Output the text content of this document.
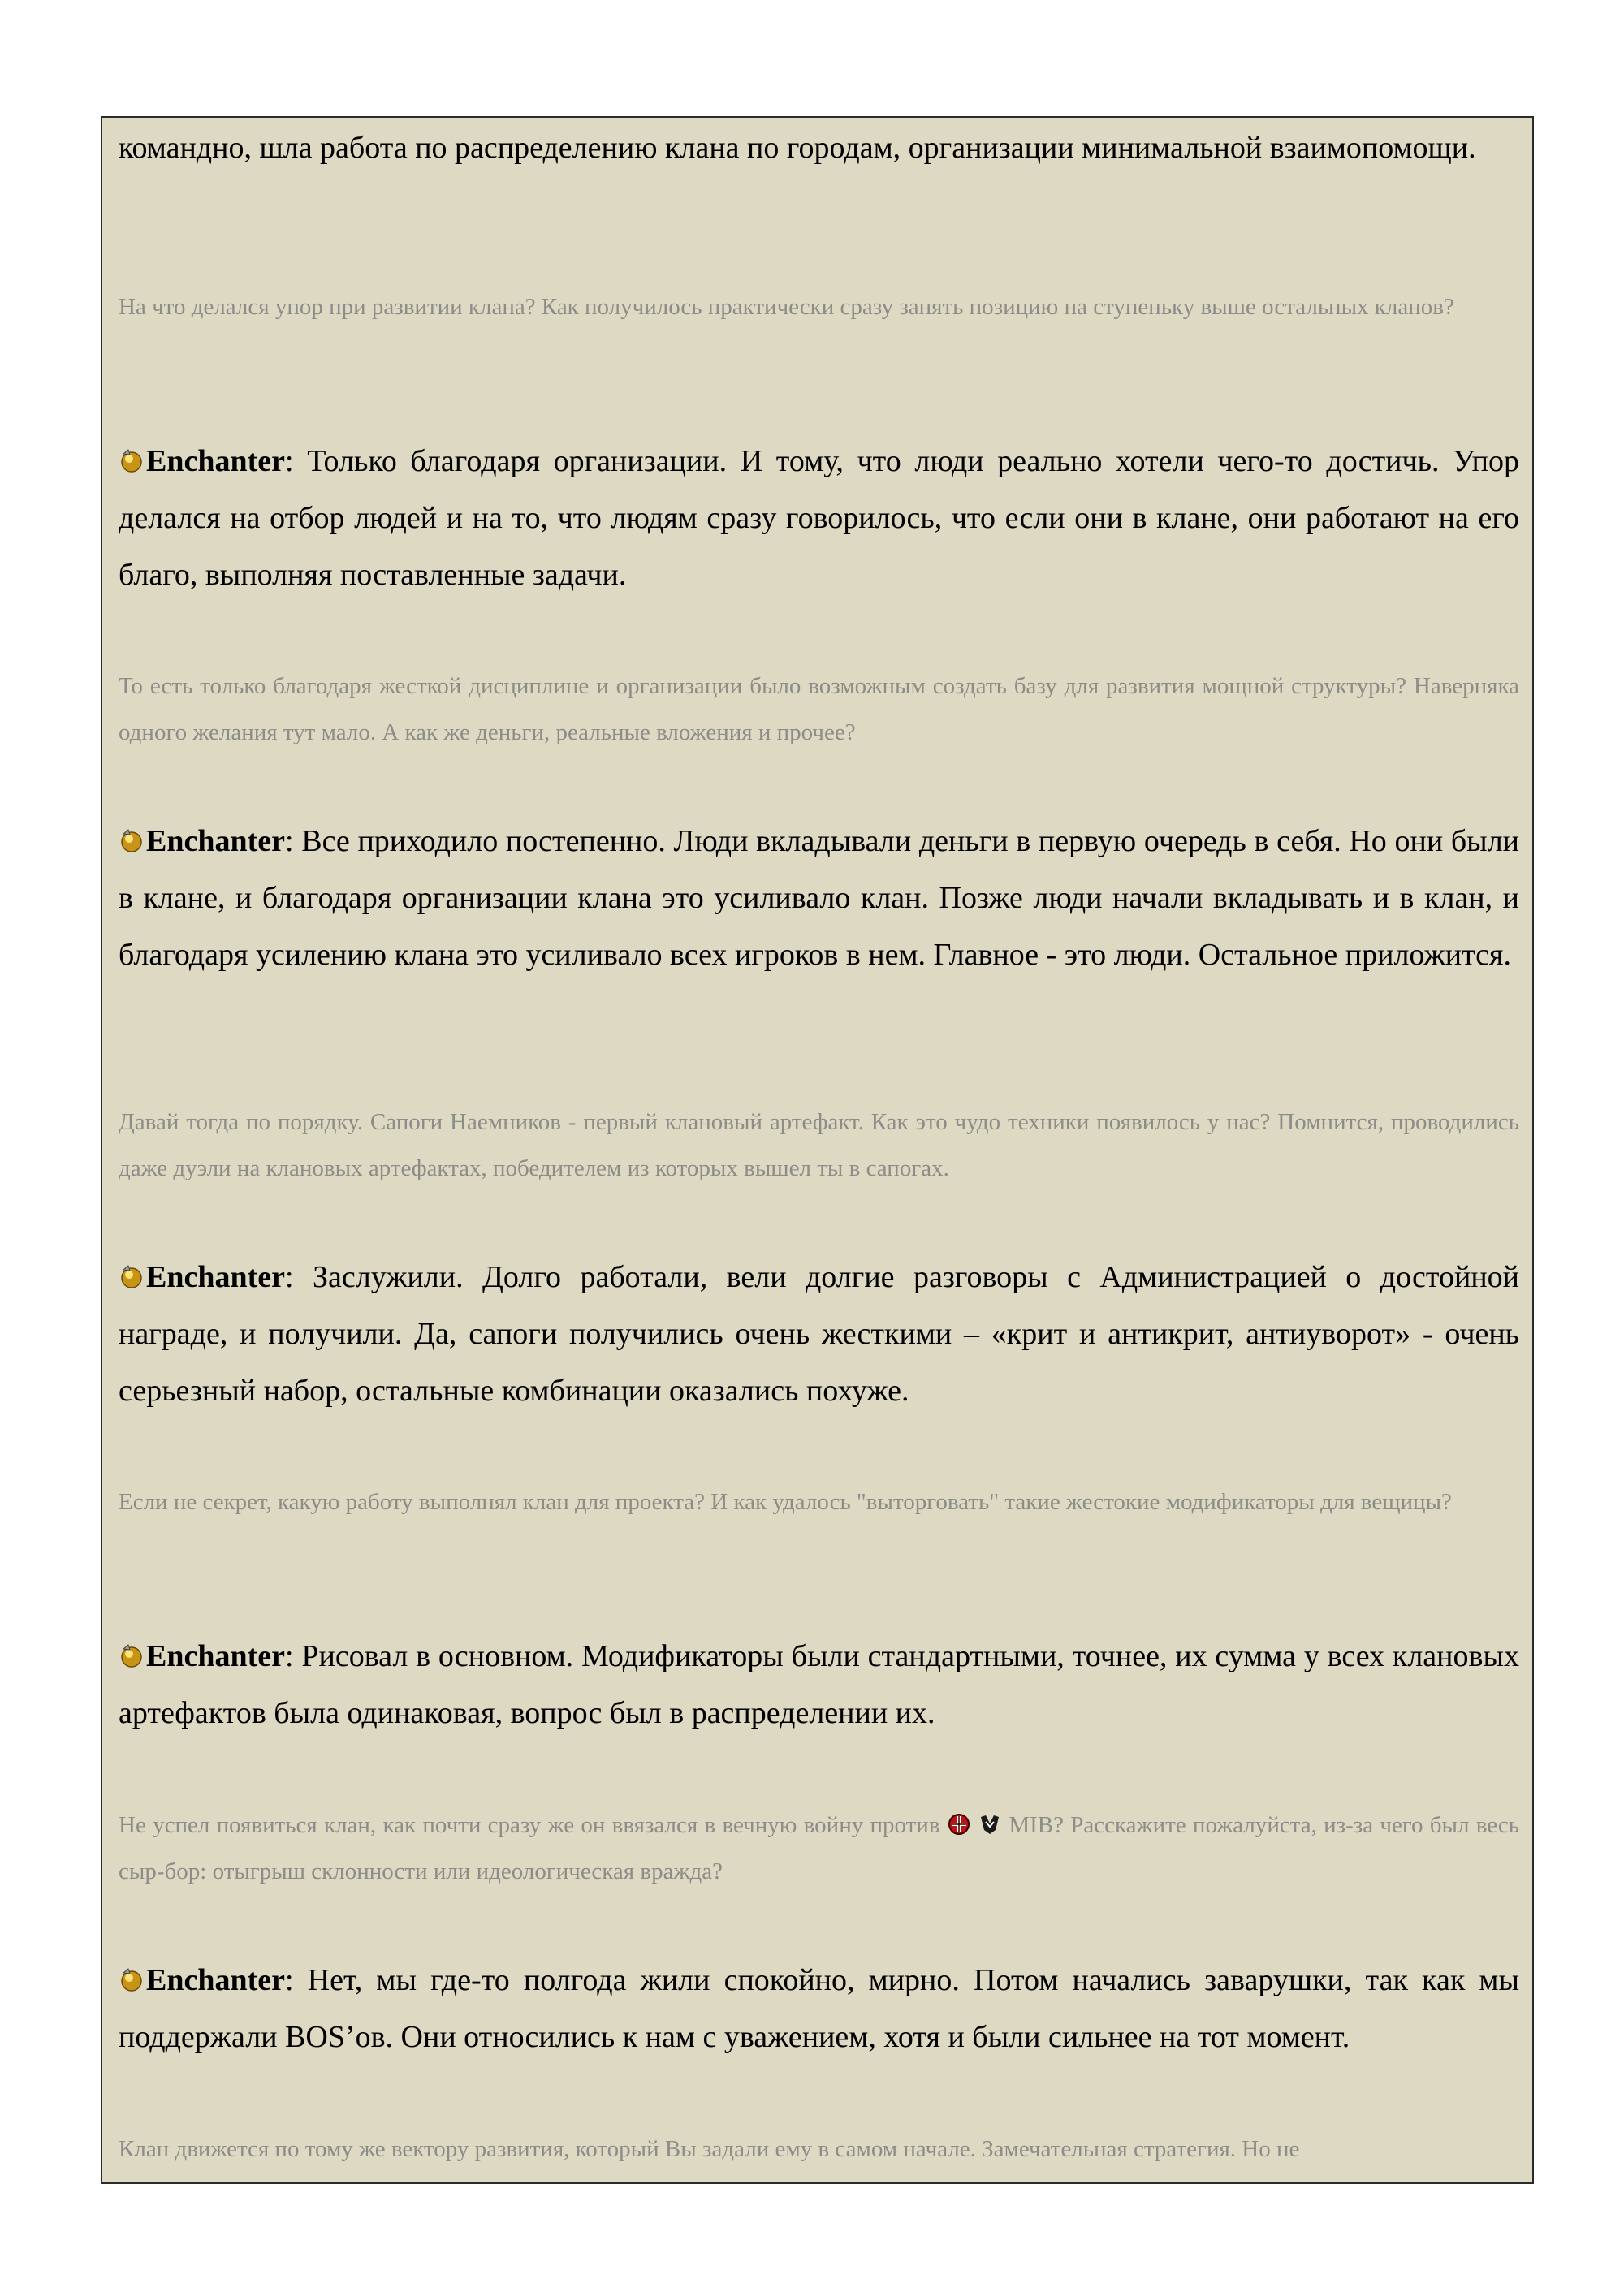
командно, шла работа по распределению клана по городам, организации минимальной взаимопомощи.

На что делался упор при развитии клана? Как получилось практически сразу занять позицию на ступеньку выше остальных кланов?

Enchanter: Только благодаря организации. И тому, что люди реально хотели чего-то достичь. Упор делался на отбор людей и на то, что людям сразу говорилось, что если они в клане, они работают на его благо, выполняя поставленные задачи.

То есть только благодаря жесткой дисциплине и организации было возможным создать базу для развития мощной структуры? Наверняка одного желания тут мало. А как же деньги, реальные вложения и прочее?

Enchanter: Все приходило постепенно. Люди вкладывали деньги в первую очередь в себя. Но они были в клане, и благодаря организации клана это усиливало клан. Позже люди начали вкладывать и в клан, и благодаря усилению клана это усиливало всех игроков в нем. Главное - это люди. Остальное приложится.

Давай тогда по порядку. Сапоги Наемников - первый клановый артефакт. Как это чудо техники появилось у нас? Помнится, проводились даже дуэли на клановых артефактах, победителем из которых вышел ты в сапогах.

Enchanter: Заслужили. Долго работали, вели долгие разговоры с Администрацией о достойной награде, и получили. Да, сапоги получились очень жесткими – «крит и антикрит, антиуворот» - очень серьезный набор, остальные комбинации оказались похуже.

Если не секрет, какую работу выполнял клан для проекта? И как удалось "выторговать" такие жестокие модификаторы для вещицы?

Enchanter: Рисовал в основном. Модификаторы были стандартными, точнее, их сумма у всех клановых артефактов была одинаковая, вопрос был в распределении их.

Не успел появиться клан, как почти сразу же он ввязался в вечную войну против   MIB? Расскажите пожалуйста, из-за чего был весь сыр-бор: отыгрыш склонности или идеологическая вражда?

Enchanter: Нет, мы где-то полгода жили спокойно, мирно. Потом начались заварушки, так как мы поддержали BOS’ов. Они относились к нам с уважением, хотя и были сильнее на тот момент.

Клан движется по тому же вектору развития, который Вы задали ему в самом начале. Замечательная стратегия. Но не
